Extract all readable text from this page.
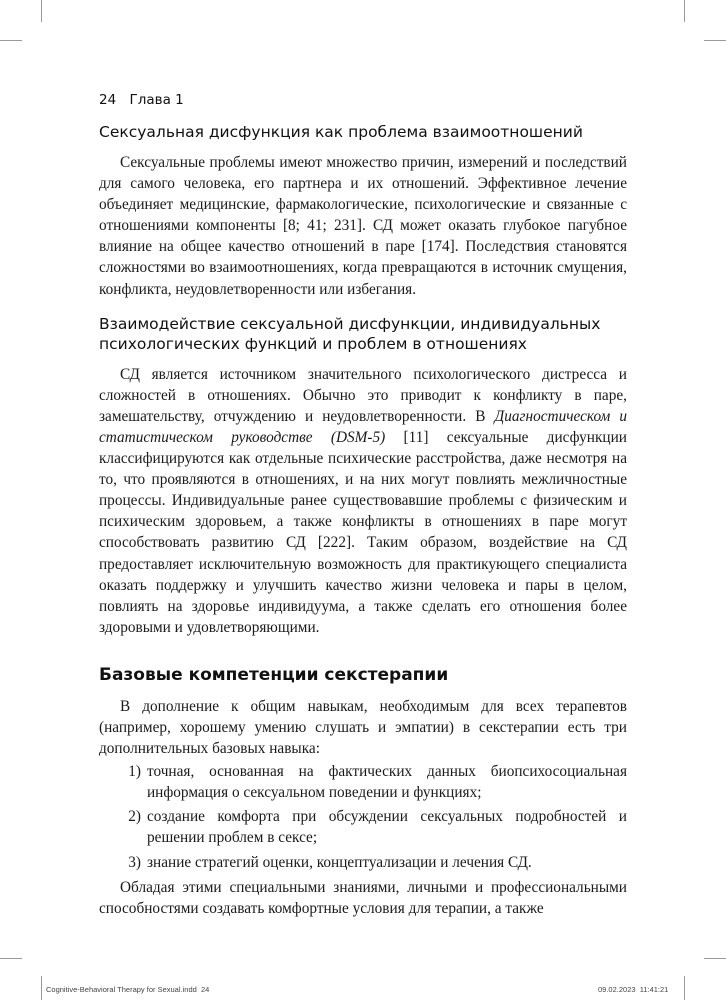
24 Глава 1
Сексуальная дисфункция как проблема взаимоотношений

Сексуальные проблемы имеют множество причин, измерений и последствий для самого человека, его партнера и их отношений. Эффективное лечение объединяет медицинские, фармакологические, психологические и связанные с отношениями компоненты [8; 41; 231]. СД может оказать глубокое пагубное влияние на общее качество отношений в паре [174]. Последствия становятся сложностями во взаимоотношениях, когда превращаются в источник смущения, конфликта, неудовлетворенности или избегания.

Взаимодействие сексуальной дисфункции, индивидуальных психологических функций и проблем в отношениях

СД является источником значительного психологического дистресса и сложностей в отношениях. Обычно это приводит к конфликту в паре, замешательству, отчуждению и неудовлетворенности. В Диагностическом и статистическом руководстве (DSM-5) [11] сексуальные дисфункции классифицируются как отдельные психические расстройства, даже несмотря на то, что проявляются в отношениях, и на них могут повлиять межличностные процессы. Индивидуальные ранее существовавшие проблемы с физическим и психическим здоровьем, а также конфликты в отношениях в паре могут способствовать развитию СД [222]. Таким образом, воздействие на СД предоставляет исключительную возможность для практикующего специалиста оказать поддержку и улучшить качество жизни человека и пары в целом, повлиять на здоровье индивидуума, а также сделать его отношения более здоровыми и удовлетворяющими.

Базовые компетенции секстерапии

В дополнение к общим навыкам, необходимым для всех терапевтов (например, хорошему умению слушать и эмпатии) в секстерапии есть три дополнительных базовых навыка:

1) точная, основанная на фактических данных биопсихосоциальная информация о сексуальном поведении и функциях;
2) создание комфорта при обсуждении сексуальных подробностей и решении проблем в сексе;
3) знание стратегий оценки, концептуализации и лечения СД.

Обладая этими специальными знаниями, личными и профессиональными способностями создавать комфортные условия для терапии, а также

Cognitive-Behavioral Therapy for Sexual.indd 24	09.02.2023 11:41:21
